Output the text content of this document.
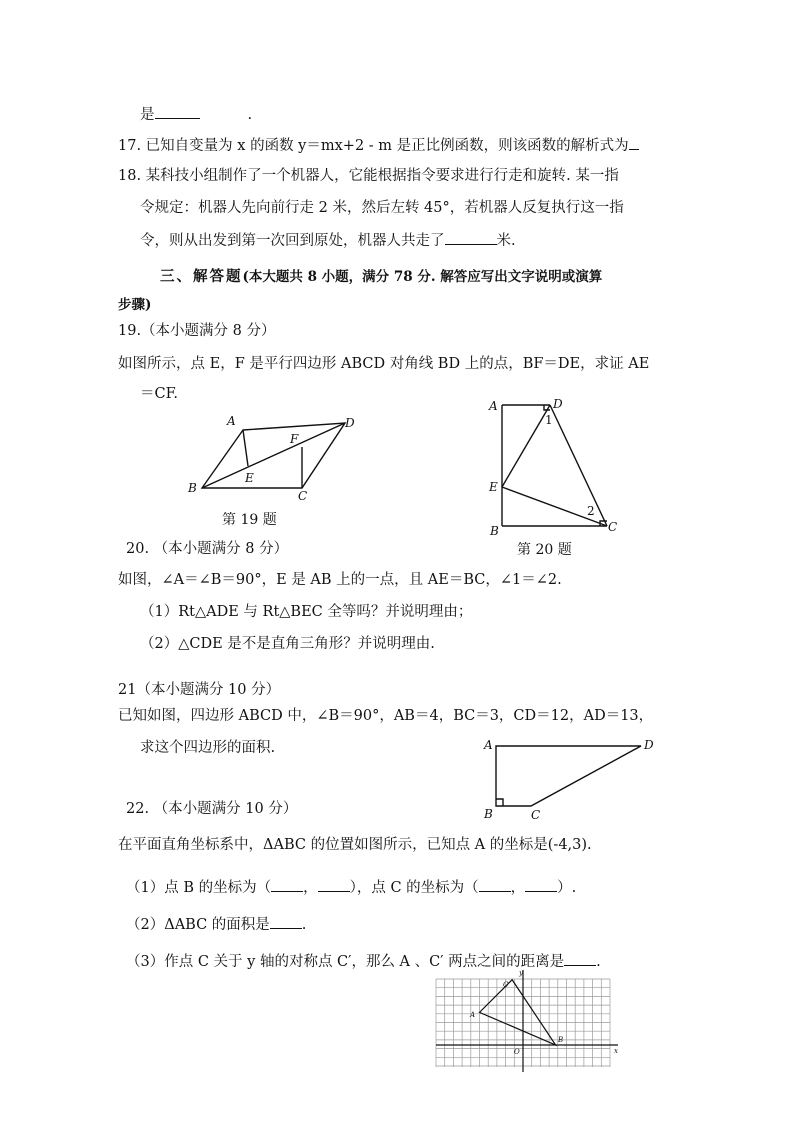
是	.
17. 已知自变量为 x 的函数 y＝mx+2 - m 是正比例函数，则该函数的解析式为
18. 某科技小组制作了一个机器人，它能根据指令要求进行行走和旋转. 某一指
令规定：机器人先向前行走 2 米，然后左转 45°，若机器人反复执行这一指
令，则从出发到第一次回到原处，机器人共走了	米.
三、解答题(本大题共 8 小题，满分 78 分. 解答应写出文字说明或演算
步骤)
19.（本小题满分 8 分）
如图所示，点 E，F 是平行四边形 ABCD 对角线 BD 上的点，BF＝DE，求证 AE
＝CF.
A	D
F
E
B
C
第 19 题
A	D
1
E
2
C
B
第 20 题
20. （本小题满分 8 分）
如图，∠A＝∠B＝90°，E 是 AB 上的一点，且 AE＝BC，∠1＝∠2.
（1）Rt△ADE 与 Rt△BEC 全等吗？并说明理由；
（2）△CDE 是不是直角三角形？并说明理由.
21（本小题满分 10 分）
已知如图，四边形 ABCD 中，∠B＝90°，AB＝4，BC＝3，CD＝12，AD＝13，
求这个四边形的面积.	A	D
B	C
22. （本小题满分 10 分）
在平面直角坐标系中，ΔABC 的位置如图所示，已知点 A 的坐标是(-4,3).
（1）点 B 的坐标为（ ， ），点 C 的坐标为（ ， ）.
（2）ΔABC 的面积是 .
（3）作点 C 关于 y 轴的对称点 C′，那么 A 、C′ 两点之间的距离是 .
A
C
B
O	x
y
